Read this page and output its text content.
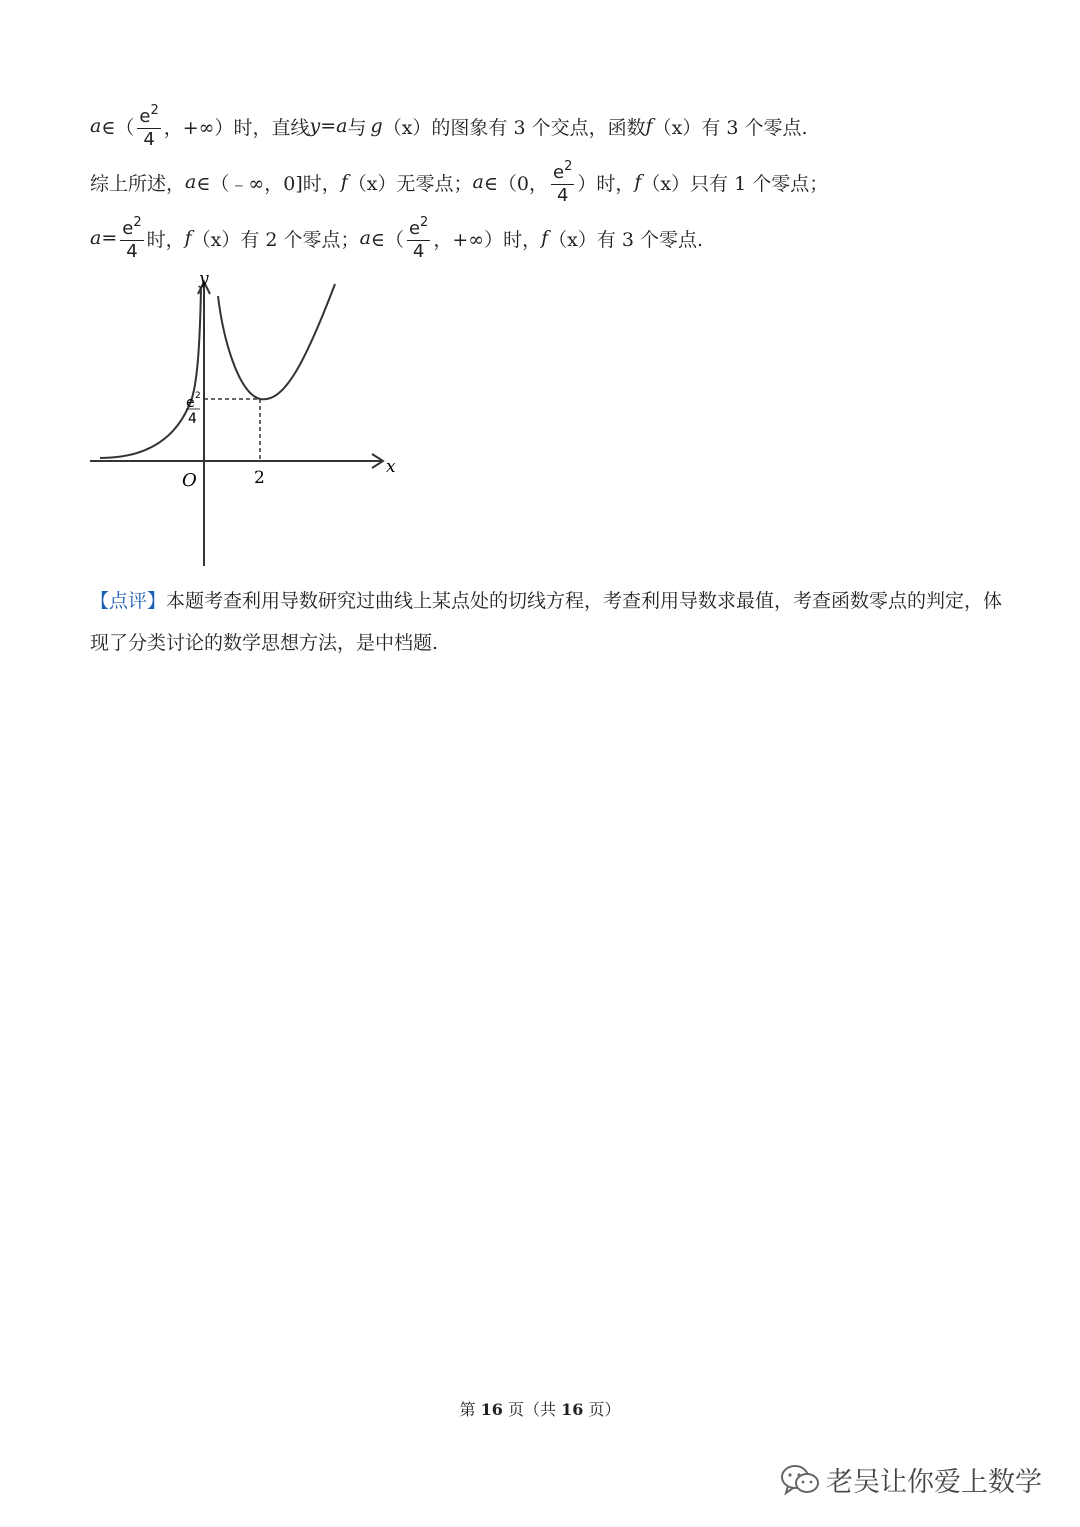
a ∈（ $\frac{e^2}{4}$ ，+∞）时，直线 y = a 与 g （x）的图象有 3 个交点，函数 f （x）有 3 个零点.
综上所述， a ∈（﹣∞，0]时， f （x）无零点； a ∈（0， $\frac{e^2}{4}$ ）时， f （x）只有 1 个零点；
$a = \frac{e^2}{4}$ 时， f （x）有 2 个零点； a ∈（ $\frac{e^2}{4}$ ，+∞）时， f （x）有 3 个零点.
y
x
O	2
e 2
4
【点评】本题考查利用导数研究过曲线上某点处的切线方程，考查利用导数求最值，考查函数零点的判定，体现了分类讨论的数学思想方法，是中档题.
第 16 页（共 16 页）
老吴让你爱上数学
